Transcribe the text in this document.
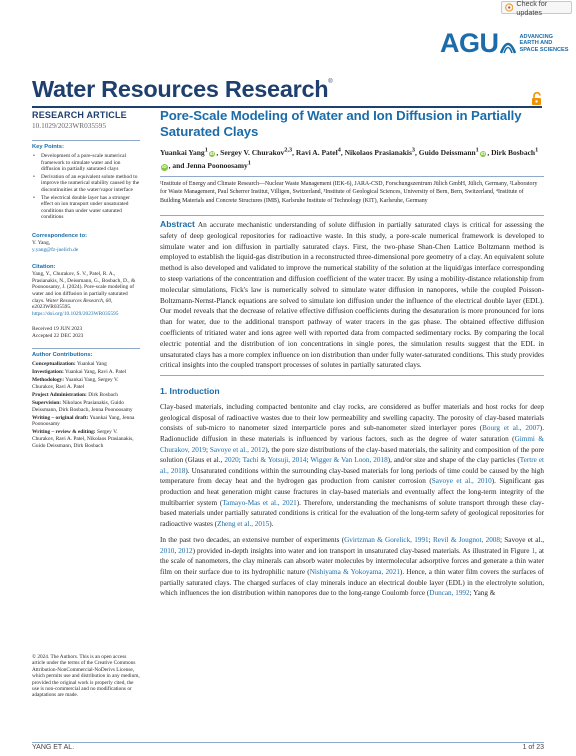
Check for updates
AGU	ADVANCING
EARTH AND
SPACE SCIENCES
Water Resources Research®
RESEARCH ARTICLE
10.1029/2023WR035595
Key Points:
• Development of a pore-scale numerical framework to simulate water and ion diffusion in partially saturated clays
• Derivation of an equivalent solute method to improve the numerical stability caused by the discontinuities at the water/vapor interface
• The electrical double layer has a stronger effect on ion transport under unsaturated conditions than under water saturated conditions
Correspondence to:
Y. Yang,
y.yang@fz-juelich.de
Citation:
Yang, Y., Churakov, S. V., Patel, R. A., Prasianakis, N., Deissmann, G., Bosbach, D., & Poonoosamy, J. (2024). Pore-scale modeling of water and ion diffusion in partially saturated clays. Water Resources Research, 60, e2023WR035595. https://doi.org/10.1029/2023WR035595
Received 19 JUN 2023
Accepted 22 DEC 2023
Author Contributions:
Conceptualization: Yuankai Yang
Investigation: Yuankai Yang, Ravi A. Patel
Methodology: Yuankai Yang, Sergey V. Churakov, Ravi A. Patel
Project Administration: Dirk Bosbach
Supervision: Nikolaos Prasianakis, Guido Deissmann, Dirk Bosbach, Jenna Poonoosamy
Writing – original draft: Yuankai Yang, Jenna Poonoosamy
Writing – review & editing: Sergey V. Churakov, Ravi A. Patel, Nikolaos Prasianakis, Guido Deissmann, Dirk Bosbach
© 2024. The Authors. This is an open access article under the terms of the Creative Commons Attribution-NonCommercial-NoDerivs License, which permits use and distribution in any medium, provided the original work is properly cited, the use is non-commercial and no modifications or adaptations are made.
Pore-Scale Modeling of Water and Ion Diffusion in Partially Saturated Clays
Yuankai Yang$^1$ iD , Sergey V. Churakov$^{2,3}$, Ravi A. Patel$^4$, Nikolaos Prasianakis$^3$, Guido Deissmann$^1$ iD , Dirk Bosbach$^1$iD , and Jenna Poonoosamy$^1$

¹Institute of Energy and Climate Research—Nuclear Waste Management (IEK-6), JARA-CSD, Forschungszentrum Jülich GmbH, Jülich, Germany, ²Laboratory for Waste Management, Paul Scherrer Institut, Villigen, Switzerland, ³Institute of Geological Sciences, University of Bern, Bern, Switzerland, ⁴Institute of Building Materials and Concrete Structures (IMB), Karlsruhe Institute of Technology (KIT), Karlsruhe, Germany

Abstract An accurate mechanistic understanding of solute diffusion in partially saturated clays is critical for assessing the safety of deep geological repositories for radioactive waste. In this study, a pore-scale numerical framework is developed to simulate water and ion diffusion in partially saturated clays. First, the two-phase Shan-Chen Lattice Boltzmann method is employed to establish the liquid-gas distribution in a reconstructed three-dimensional pore geometry of a clay. An equivalent solute method is also developed and validated to improve the numerical stability of the solution at the liquid/gas interface corresponding to steep variations of the concentration and diffusion coefficient of the water tracer. By using a mobility-distance relationship from molecular simulations, Fick's law is numerically solved to simulate water diffusion in nanopores, while the coupled Poisson-Boltzmann-Nernst-Planck equations are solved to simulate ion diffusion under the influence of the electrical double layer (EDL). Our model reveals that the decrease of relative effective diffusion coefficients during the desaturation is more pronounced for ions than for water, due to the additional transport pathway of water tracers in the gas phase. The obtained effective diffusion coefficients of tritiated water and ions agree well with reported data from compacted sedimentary rocks. By comparing the local electric potential and the distribution of ion concentrations in single pores, the simulation results suggest that the EDL in unsaturated clays has a more complex influence on ion distribution than under fully water-saturated conditions. This study provides critical insights into the coupled transport processes of solutes in partially saturated clays.

1. Introduction

Clay-based materials, including compacted bentonite and clay rocks, are considered as buffer materials and host rocks for deep geological disposal of radioactive wastes due to their low permeability and swelling capacity. The porosity of clay-based materials consists of sub-micro to nanometer sized interparticle pores and sub-nanometer sized interlayer pores (Bourg et al., 2007). Radionuclide diffusion in these materials is influenced by various factors, such as the degree of water saturation (Gimmi & Churakov, 2019; Savoye et al., 2012), the pore size distributions of the clay-based materials, the salinity and composition of the pore solution (Glaus et al., 2020; Tachi & Yotsuji, 2014; Wigger & Van Loon, 2018), and/or size and shape of the clay particles (Tertre et al., 2018). Unsaturated conditions within the surrounding clay-based materials for long periods of time could be caused by the high temperature from decay heat and the hydrogen gas production from canister corrosion (Savoye et al., 2010). Significant gas production and heat generation might cause fractures in clay-based materials and eventually affect the long-term integrity of the multibarrier system (Tamayo-Mas et al., 2021). Therefore, understanding the mechanisms of solute transport through these clay-based materials under partially saturated conditions is critical for the evaluation of the long-term safety of geological repositories for radioactive wastes (Zheng et al., 2015).

In the past two decades, an extensive number of experiments (Gvirtzman & Gorelick, 1991; Revil & Jougnot, 2008; Savoye et al., 2010, 2012) provided in-depth insights into water and ion transport in unsaturated clay-based materials. As illustrated in Figure 1, at the scale of nanometers, the clay minerals can absorb water molecules by intermolecular adsorptive forces and generate a thin water film on their surface due to its hydrophilic nature (Nishiyama & Yokoyama, 2021). Hence, a thin water film covers the surfaces of partially saturated clays. The charged surfaces of clay minerals induce an electrical double layer (EDL) in the electrolyte solution, which influences the ion distribution within nanopores due to the long-range Coulomb force (Duncan, 1992; Yang &

YANG ET AL.	1 of 23
